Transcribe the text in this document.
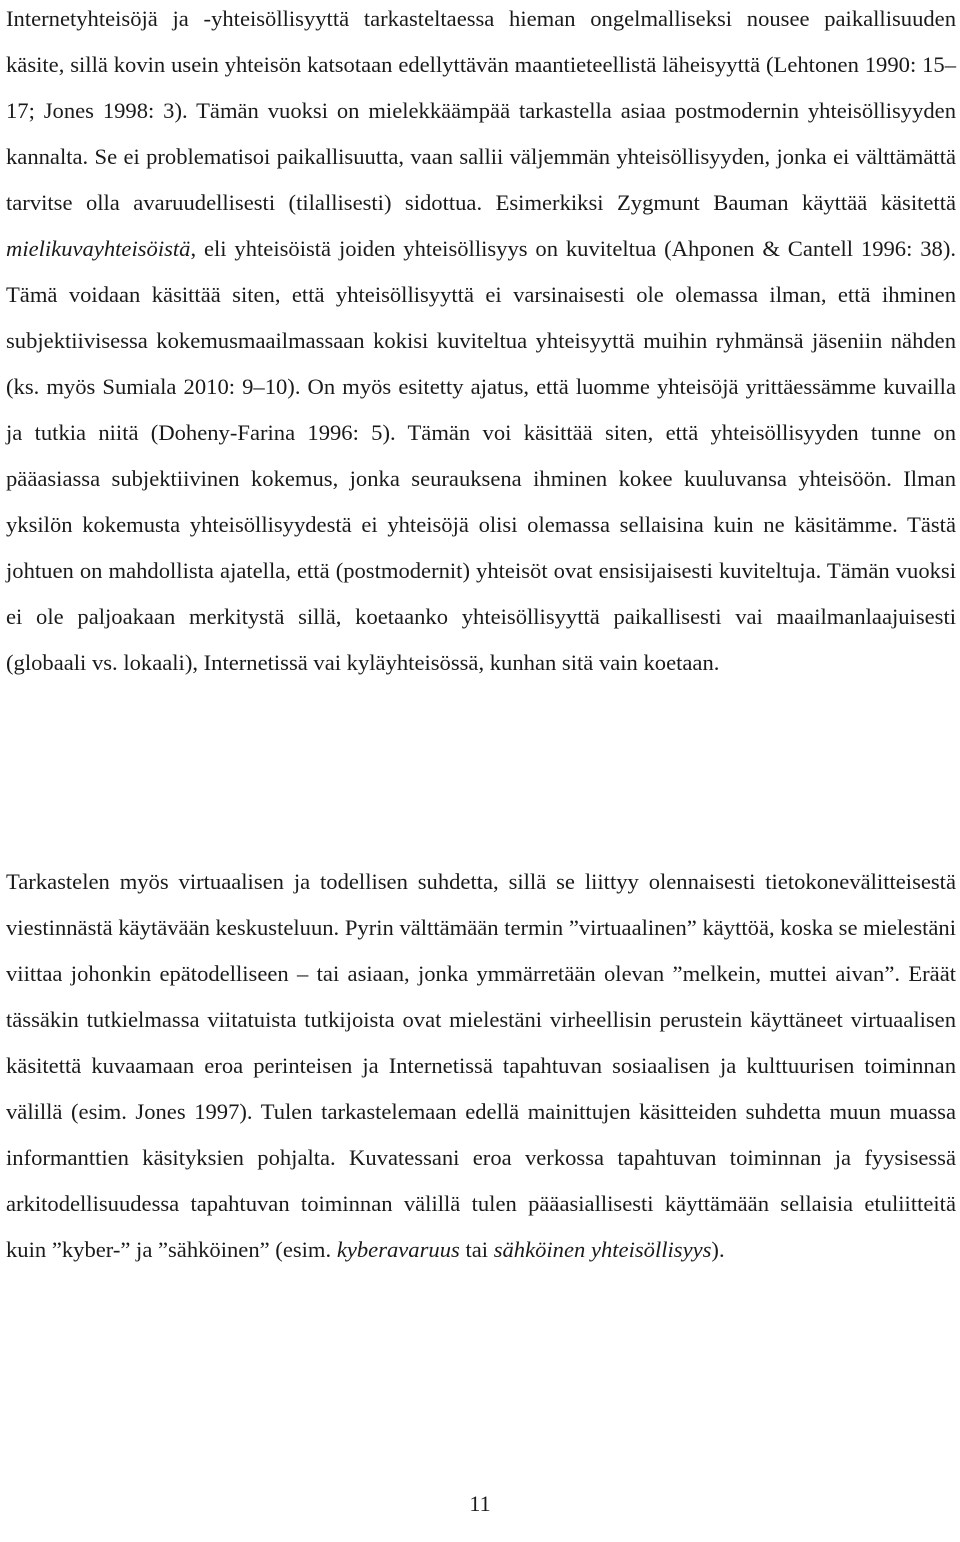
Internetyhteisöjä ja -yhteisöllisyyttä tarkasteltaessa hieman ongelmalliseksi nousee paikallisuuden käsite, sillä kovin usein yhteisön katsotaan edellyttävän maantieteellistä läheisyyttä (Lehtonen 1990: 15–17; Jones 1998: 3). Tämän vuoksi on mielekkäämpää tarkastella asiaa postmodernin yhteisöllisyyden kannalta. Se ei problematisoi paikallisuutta, vaan sallii väljemmän yhteisöllisyyden, jonka ei välttämättä tarvitse olla avaruudellisesti (tilallisesti) sidottua. Esimerkiksi Zygmunt Bauman käyttää käsitettä mielikuvayhteisöistä, eli yhteisöistä joiden yhteisöllisyys on kuviteltua (Ahponen & Cantell 1996: 38). Tämä voidaan käsittää siten, että yhteisöllisyyttä ei varsinaisesti ole olemassa ilman, että ihminen subjektiivisessa kokemusmaailmassaan kokisi kuviteltua yhteisyyttä muihin ryhmänsä jäseniin nähden (ks. myös Sumiala 2010: 9–10). On myös esitetty ajatus, että luomme yhteisöjä yrittäessämme kuvailla ja tutkia niitä (Doheny-Farina 1996: 5). Tämän voi käsittää siten, että yhteisöllisyyden tunne on pääasiassa subjektiivinen kokemus, jonka seurauksena ihminen kokee kuuluvansa yhteisöön. Ilman yksilön kokemusta yhteisöllisyydestä ei yhteisöjä olisi olemassa sellaisina kuin ne käsitämme. Tästä johtuen on mahdollista ajatella, että (postmodernit) yhteisöt ovat ensisijaisesti kuviteltuja. Tämän vuoksi ei ole paljoakaan merkitystä sillä, koetaanko yhteisöllisyyttä paikallisesti vai maailmanlaajuisesti (globaali vs. lokaali), Internetissä vai kyläyhteisössä, kunhan sitä vain koetaan.

Tarkastelen myös virtuaalisen ja todellisen suhdetta, sillä se liittyy olennaisesti tietokonevälitteisestä viestinnästä käytävään keskusteluun. Pyrin välttämään termin ”virtuaalinen” käyttöä, koska se mielestäni viittaa johonkin epätodelliseen – tai asiaan, jonka ymmärretään olevan ”melkein, muttei aivan”. Eräät tässäkin tutkielmassa viitatuista tutkijoista ovat mielestäni virheellisin perustein käyttäneet virtuaalisen käsitettä kuvaamaan eroa perinteisen ja Internetissä tapahtuvan sosiaalisen ja kulttuurisen toiminnan välillä (esim. Jones 1997). Tulen tarkastelemaan edellä mainittujen käsitteiden suhdetta muun muassa informanttien käsityksien pohjalta. Kuvatessani eroa verkossa tapahtuvan toiminnan ja fyysisessä arkitodellisuudessa tapahtuvan toiminnan välillä tulen pääasiallisesti käyttämään sellaisia etuliitteitä kuin ”kyber-” ja ”sähköinen” (esim. kyberavaruus tai sähköinen yhteisöllisyys).

11
